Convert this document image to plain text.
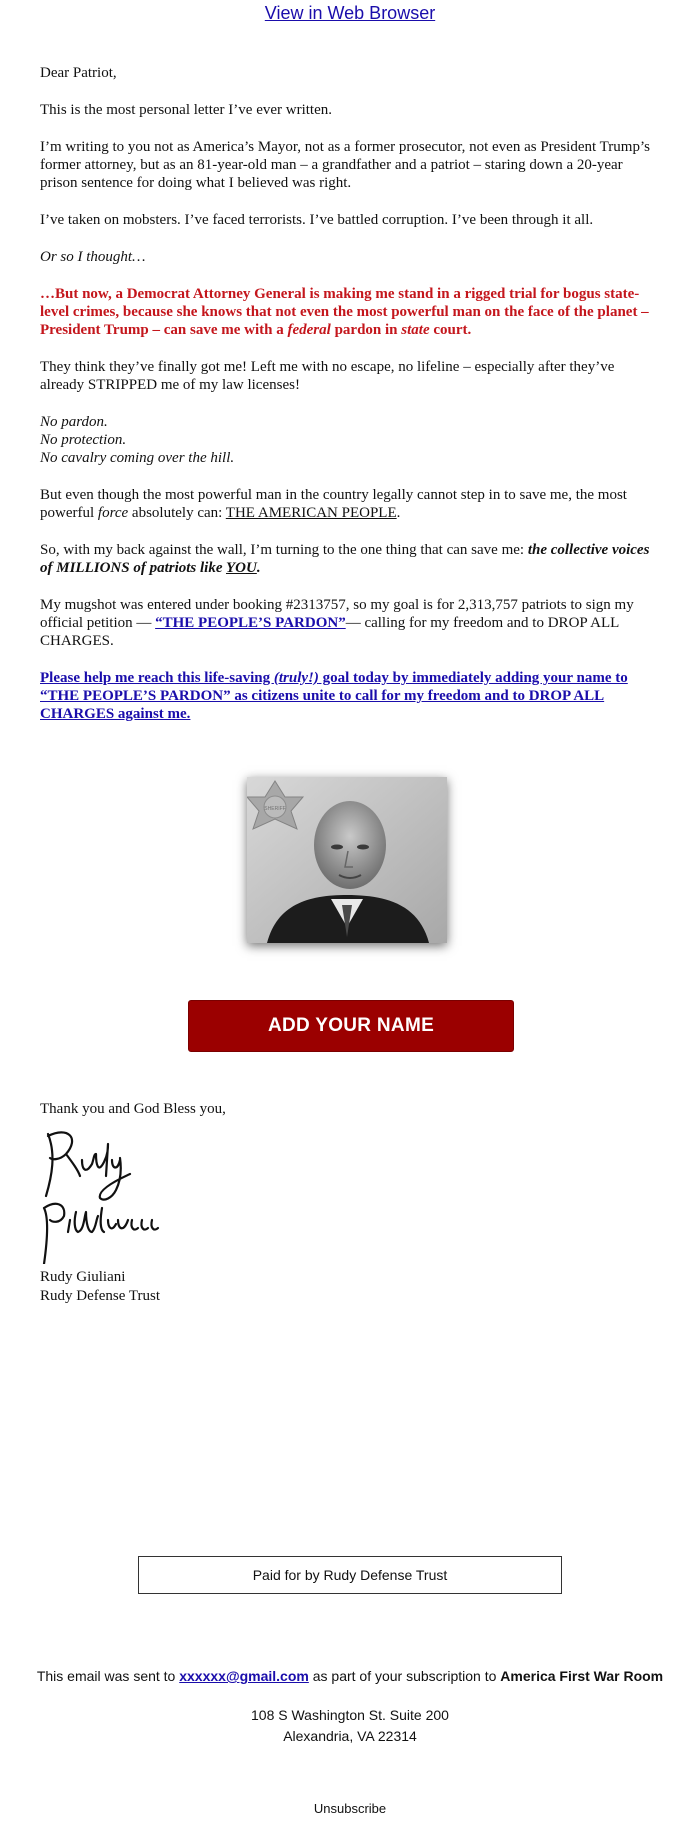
View in Web Browser

Dear Patriot,

This is the most personal letter I’ve ever written.

I’m writing to you not as America’s Mayor, not as a former prosecutor, not even as President Trump’s former attorney, but as an 81-year-old man – a grandfather and a patriot – staring down a 20-year prison sentence for doing what I believed was right.

I’ve taken on mobsters. I’ve faced terrorists. I’ve battled corruption. I’ve been through it all.

Or so I thought…

…But now, a Democrat Attorney General is making me stand in a rigged trial for bogus state-level crimes, because she knows that not even the most powerful man on the face of the planet – President Trump – can save me with a federal pardon in state court.

They think they’ve finally got me! Left me with no escape, no lifeline – especially after they’ve already STRIPPED me of my law licenses!

No pardon.
No protection.
No cavalry coming over the hill.

But even though the most powerful man in the country legally cannot step in to save me, the most powerful force absolutely can: THE AMERICAN PEOPLE.

So, with my back against the wall, I’m turning to the one thing that can save me: the collective voices of MILLIONS of patriots like YOU.

My mugshot was entered under booking #2313757, so my goal is for 2,313,757 patriots to sign my official petition — “THE PEOPLE’S PARDON”— calling for my freedom and to DROP ALL CHARGES.

Please help me reach this life-saving (truly!) goal today by immediately adding your name to “THE PEOPLE’S PARDON” as citizens unite to call for my freedom and to DROP ALL CHARGES against me.

SHERIFF
ADD YOUR NAME
Thank you and God Bless you,
Rudy Giuliani
Rudy Defense Trust
Paid for by Rudy Defense Trust
This email was sent to xxxxxx@gmail.com as part of your subscription to America First War Room
108 S Washington St. Suite 200
Alexandria, VA 22314
Unsubscribe
